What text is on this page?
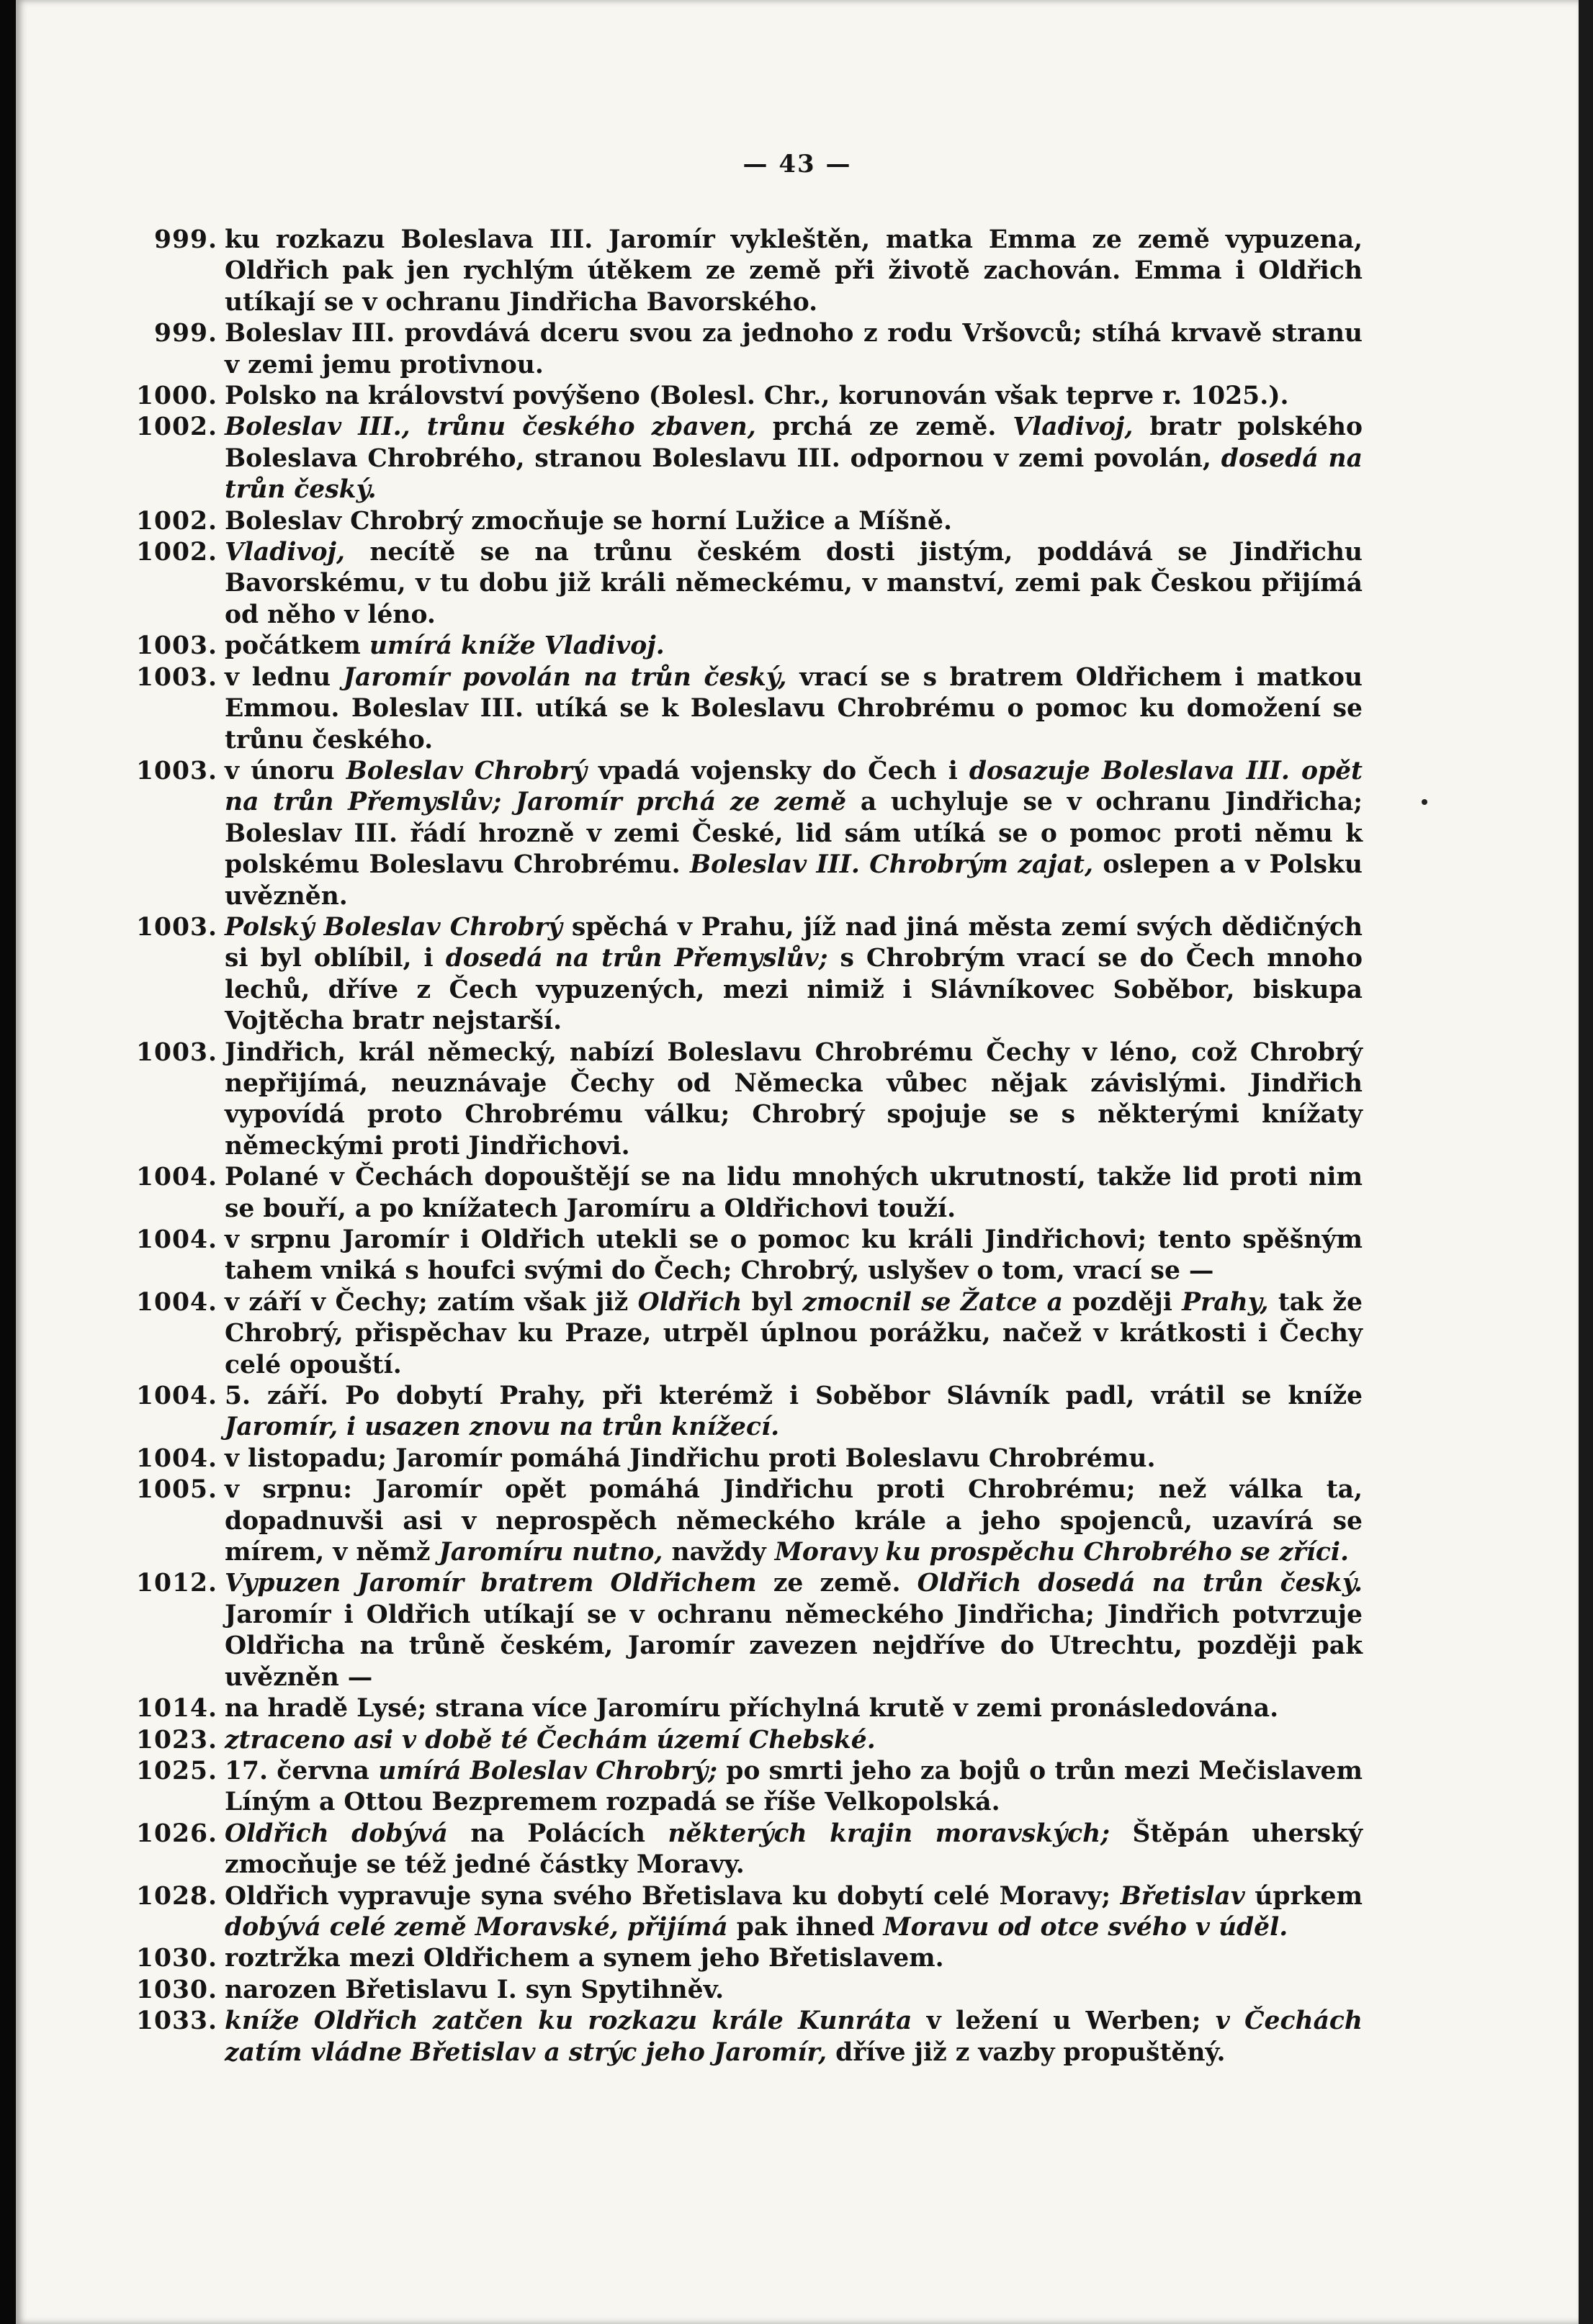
— 43 —
999. ku rozkazu Boleslava III. Jaromír vykleštěn, matka Emma ze země vypuzena, Oldřich pak jen rychlým útěkem ze země při životě zachován. Emma i Oldřich utíkají se v ochranu Jindřicha Bavorského.
999. Boleslav III. provdává dceru svou za jednoho z rodu Vršovců; stíhá krvavě stranu v zemi jemu protivnou.
1000. Polsko na království povýšeno (Bolesl. Chr., korunován však teprve r. 1025.).
1002. Boleslav III., trůnu českého zbaven, prchá ze země. Vladivoj, bratr polského Boleslava Chrobrého, stranou Boleslavu III. odpornou v zemi povolán, dosedá na trůn český.
1002. Boleslav Chrobrý zmocňuje se horní Lužice a Míšně.
1002. Vladivoj, necítě se na trůnu českém dosti jistým, poddává se Jindřichu Bavorskému, v tu dobu již králi německému, v manství, zemi pak Českou přijímá od něho v léno.
1003. počátkem umírá kníže Vladivoj.
1003. v lednu Jaromír povolán na trůn český, vrací se s bratrem Oldřichem i matkou Emmou. Boleslav III. utíká se k Boleslavu Chrobrému o pomoc ku domožení se trůnu českého.
1003. v únoru Boleslav Chrobrý vpadá vojensky do Čech i dosazuje Boleslava III. opět na trůn Přemyslův; Jaromír prchá ze země a uchyluje se v ochranu Jindřicha; Boleslav III. řádí hrozně v zemi České, lid sám utíká se o pomoc proti němu k polskému Boleslavu Chrobrému. Boleslav III. Chrobrým zajat, oslepen a v Polsku uvězněn.
1003. Polský Boleslav Chrobrý spěchá v Prahu, jíž nad jiná města zemí svých dědičných si byl oblíbil, i dosedá na trůn Přemyslův; s Chrobrým vrací se do Čech mnoho lechů, dříve z Čech vypuzených, mezi nimiž i Slávníkovec Soběbor, biskupa Vojtěcha bratr nejstarší.
1003. Jindřich, král německý, nabízí Boleslavu Chrobrému Čechy v léno, což Chrobrý nepřijímá, neuznávaje Čechy od Německa vůbec nějak závislými. Jindřich vypovídá proto Chrobrému válku; Chrobrý spojuje se s některými knížaty německými proti Jindřichovi.
1004. Polané v Čechách dopouštějí se na lidu mnohých ukrutností, takže lid proti nim se bouří, a po knížatech Jaromíru a Oldřichovi touží.
1004. v srpnu Jaromír i Oldřich utekli se o pomoc ku králi Jindřichovi; tento spěšným tahem vniká s houfci svými do Čech; Chrobrý, uslyšev o tom, vrací se —
1004. v září v Čechy; zatím však již Oldřich byl zmocnil se Žatce a později Prahy, tak že Chrobrý, přispěchav ku Praze, utrpěl úplnou porážku, načež v krátkosti i Čechy celé opouští.
1004. 5. září. Po dobytí Prahy, při kterémž i Soběbor Slávník padl, vrátil se kníže Jaromír, i usazen znovu na trůn knížecí.
1004. v listopadu; Jaromír pomáhá Jindřichu proti Boleslavu Chrobrému.
1005. v srpnu: Jaromír opět pomáhá Jindřichu proti Chrobrému; než válka ta, dopadnuvši asi v neprospěch německého krále a jeho spojenců, uzavírá se mírem, v němž Jaromíru nutno, navždy Moravy ku prospěchu Chrobrého se zříci.
1012. Vypuzen Jaromír bratrem Oldřichem ze země. Oldřich dosedá na trůn český. Jaromír i Oldřich utíkají se v ochranu německého Jindřicha; Jindřich potvrzuje Oldřicha na trůně českém, Jaromír zavezen nejdříve do Utrechtu, později pak uvězněn —
1014. na hradě Lysé; strana více Jaromíru příchylná krutě v zemi pronásledována.
1023. ztraceno asi v době té Čechám území Chebské.
1025. 17. června umírá Boleslav Chrobrý; po smrti jeho za bojů o trůn mezi Mečislavem Líným a Ottou Bezpremem rozpadá se říše Velkopolská.
1026. Oldřich dobývá na Polácích některých krajin moravských; Štěpán uherský zmocňuje se též jedné částky Moravy.
1028. Oldřich vypravuje syna svého Břetislava ku dobytí celé Moravy; Břetislav úprkem dobývá celé země Moravské, přijímá pak ihned Moravu od otce svého v úděl.
1030. roztržka mezi Oldřichem a synem jeho Břetislavem.
1030. narozen Břetislavu I. syn Spytihněv.
1033. kníže Oldřich zatčen ku rozkazu krále Kunráta v ležení u Werben; v Čechách zatím vládne Břetislav a strýc jeho Jaromír, dříve již z vazby propuštěný.
